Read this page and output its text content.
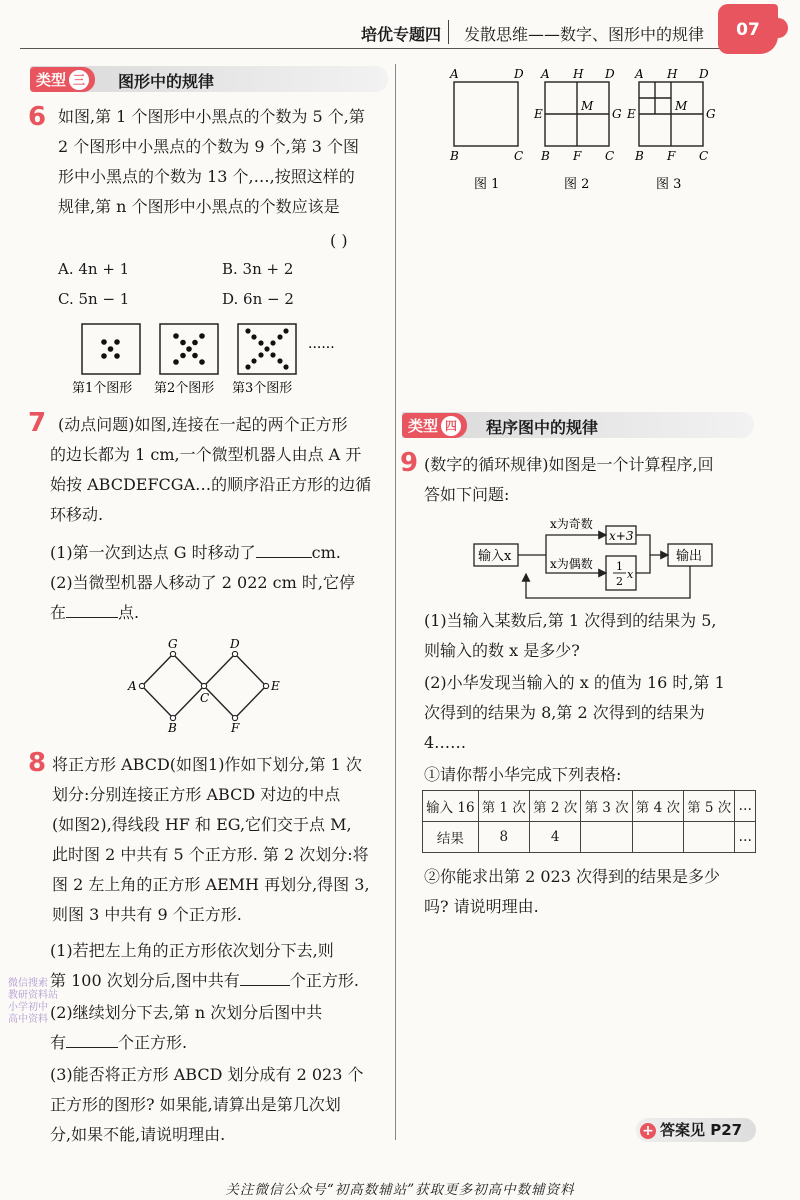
培优专题四 发散思维——数字、图形中的规律	07
类型 三 图形中的规律
6 如图,第 1 个图形中小黑点的个数为 5 个,第
2 个图形中小黑点的个数为 9 个,第 3 个图
形中小黑点的个数为 13 个,…,按照这样的
规律,第 n 个图形中小黑点的个数应该是
( )
A. 4n + 1	B. 3n + 2
C. 5n − 1	D. 6n − 2
第1个图形 第2个图形 第3个图形
······
7 (动点问题)如图,连接在一起的两个正方形
的边长都为 1 cm,一个微型机器人由点 A 开
始按 ABCDEFCGA…的顺序沿正方形的边循
环移动.
(1)第一次到达点 G 时移动了	cm.
(2)当微型机器人移动了 2 022 cm 时,它停
在	点.
G	D
A
C
E
B	F
8 将正方形 ABCD(如图1)作如下划分,第 1 次
划分:分别连接正方形 ABCD 对边的中点
(如图2),得线段 HF 和 EG,它们交于点 M,
此时图 2 中共有 5 个正方形. 第 2 次划分:将
图 2 左上角的正方形 AEMH 再划分,得图 3,
则图 3 中共有 9 个正方形.
(1)若把左上角的正方形依次划分下去,则
第 100 次划分后,图中共有	个正方形.
(2)继续划分下去,第 n 次划分后图中共
有	个正方形.
(3)能否将正方形 ABCD 划分成有 2 023 个
正方形的图形? 如果能,请算出是第几次划
分,如果不能,请说明理由.
微信搜索
教研资料站
小学初中
高中资料
A	D
B	C
A H D
E
M
G
B F C
A H D
E
M
G
B F C
图 1	图 2	图 3
类型 四 程序图中的规律
9 (数字的循环规律)如图是一个计算程序,回
答如下问题:
输入x
x为奇数
x为偶数
x+3
1
2
x
输出
(1)当输入某数后,第 1 次得到的结果为 5,
则输入的数 x 是多少?
(2)小华发现当输入的 x 的值为 16 时,第 1
次得到的结果为 8,第 2 次得到的结果为
4……
①请你帮小华完成下列表格:
输入 16	第 1 次	第 2 次	第 3 次	第 4 次	第 5 次	…
结果	8	4				…
②你能求出第 2 023 次得到的结果是多少
吗? 请说明理由.
+ 答案见 P27
关注微信公众号“初高数辅站”获取更多初高中数辅资料
